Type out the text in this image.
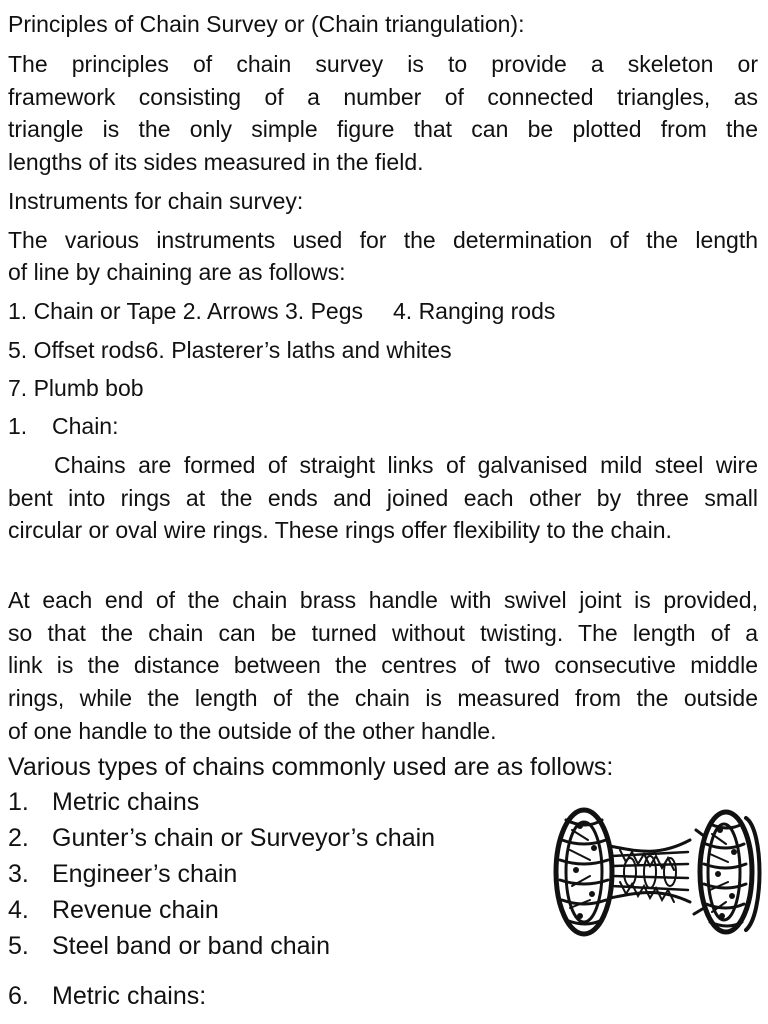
Principles of Chain Survey or (Chain triangulation):
The principles of chain survey is to provide a skeleton or
framework consisting of a number of connected triangles, as
triangle is the only simple figure that can be plotted from the
lengths of its sides measured in the field.
Instruments for chain survey:
The various instruments used for the determination of the length
of line by chaining are as follows:
1. Chain or Tape 2. Arrows 3. Pegs 4. Ranging rods
5. Offset rods6. Plasterer’s laths and whites
7. Plumb bob
1. Chain:
Chains are formed of straight links of galvanised mild steel wire
bent into rings at the ends and joined each other by three small
circular or oval wire rings. These rings offer flexibility to the chain.
At each end of the chain brass handle with swivel joint is provided,
so that the chain can be turned without twisting. The length of a
link is the distance between the centres of two consecutive middle
rings, while the length of the chain is measured from the outside
of one handle to the outside of the other handle.
Various types of chains commonly used are as follows:
1. Metric chains
2. Gunter’s chain or Surveyor’s chain
3. Engineer’s chain
4. Revenue chain
5. Steel band or band chain
6. Metric chains:
